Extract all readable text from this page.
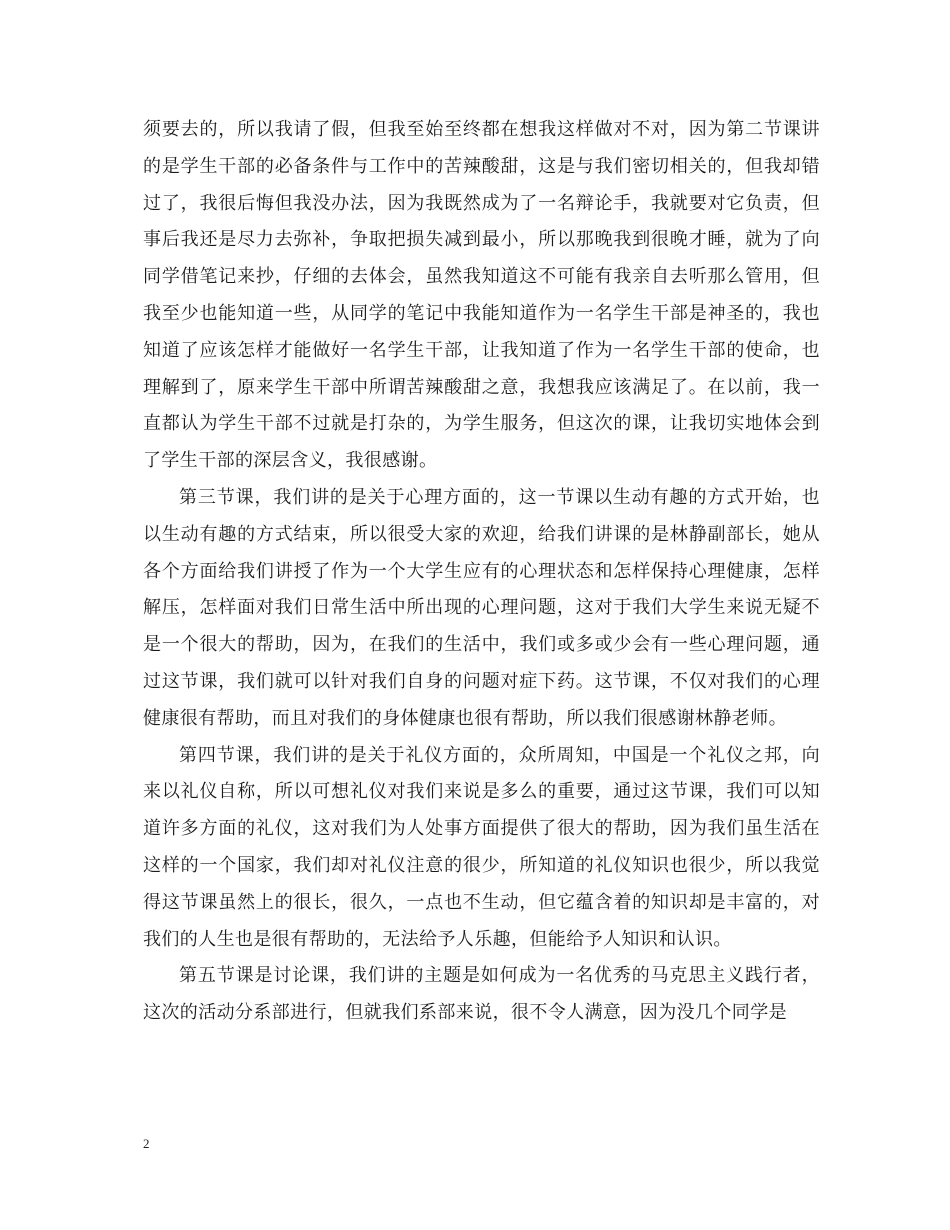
须要去的，所以我请了假，但我至始至终都在想我这样做对不对，因为第二节课讲的是学生干部的必备条件与工作中的苦辣酸甜，这是与我们密切相关的，但我却错过了，我很后悔但我没办法，因为我既然成为了一名辩论手，我就要对它负责，但事后我还是尽力去弥补，争取把损失减到最小，所以那晚我到很晚才睡，就为了向同学借笔记来抄，仔细的去体会，虽然我知道这不可能有我亲自去听那么管用，但我至少也能知道一些，从同学的笔记中我能知道作为一名学生干部是神圣的，我也知道了应该怎样才能做好一名学生干部，让我知道了作为一名学生干部的使命，也理解到了，原来学生干部中所谓苦辣酸甜之意，我想我应该满足了。在以前，我一直都认为学生干部不过就是打杂的，为学生服务，但这次的课，让我切实地体会到了学生干部的深层含义，我很感谢。

第三节课，我们讲的是关于心理方面的，这一节课以生动有趣的方式开始，也以生动有趣的方式结束，所以很受大家的欢迎，给我们讲课的是林静副部长，她从各个方面给我们讲授了作为一个大学生应有的心理状态和怎样保持心理健康，怎样解压，怎样面对我们日常生活中所出现的心理问题，这对于我们大学生来说无疑不是一个很大的帮助，因为，在我们的生活中，我们或多或少会有一些心理问题，通过这节课，我们就可以针对我们自身的问题对症下药。这节课，不仅对我们的心理健康很有帮助，而且对我们的身体健康也很有帮助，所以我们很感谢林静老师。

第四节课，我们讲的是关于礼仪方面的，众所周知，中国是一个礼仪之邦，向来以礼仪自称，所以可想礼仪对我们来说是多么的重要，通过这节课，我们可以知道许多方面的礼仪，这对我们为人处事方面提供了很大的帮助，因为我们虽生活在这样的一个国家，我们却对礼仪注意的很少，所知道的礼仪知识也很少，所以我觉得这节课虽然上的很长，很久，一点也不生动，但它蕴含着的知识却是丰富的，对我们的人生也是很有帮助的，无法给予人乐趣，但能给予人知识和认识。

第五节课是讨论课，我们讲的主题是如何成为一名优秀的马克思主义践行者，这次的活动分系部进行，但就我们系部来说，很不令人满意，因为没几个同学是

2
